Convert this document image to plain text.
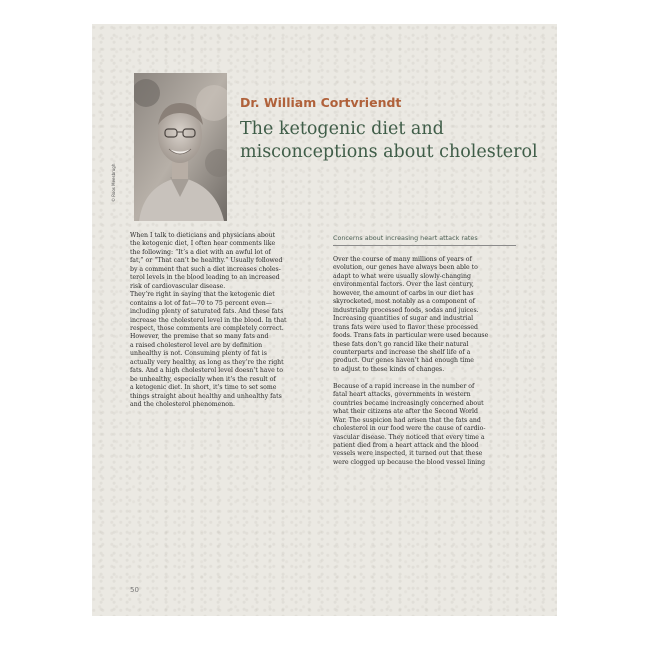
© Roos Meesbrugh
Dr. William Cortvriendt
The ketogenic diet and
misconceptions about cholesterol
When I talk to dieticians and physicians about
the ketogenic diet, I often hear comments like
the following: “It’s a diet with an awful lot of
fat,” or “That can’t be healthy.” Usually followed
by a comment that such a diet increases choles-
terol levels in the blood leading to an increased
risk of cardiovascular disease.
They’re right in saying that the ketogenic diet
contains a lot of fat—70 to 75 percent even—
including plenty of saturated fats. And these fats
increase the cholesterol level in the blood. In that
respect, those comments are completely correct.
However, the premise that so many fats and
a raised cholesterol level are by definition
unhealthy is not. Consuming plenty of fat is
actually very healthy, as long as they’re the right
fats. And a high cholesterol level doesn’t have to
be unhealthy, especially when it’s the result of
a ketogenic diet. In short, it’s time to set some
things straight about healthy and unhealthy fats
and the cholesterol phenomenon.
Concerns about increasing heart attack rates
Over the course of many millions of years of
evolution, our genes have always been able to
adapt to what were usually slowly-changing
environmental factors. Over the last century,
however, the amount of carbs in our diet has
skyrocketed, most notably as a component of
industrially processed foods, sodas and juices.
Increasing quantities of sugar and industrial
trans fats were used to flavor these processed
foods. Trans fats in particular were used because
these fats don’t go rancid like their natural
counterparts and increase the shelf life of a
product. Our genes haven’t had enough time
to adjust to these kinds of changes.
Because of a rapid increase in the number of
fatal heart attacks, governments in western
countries became increasingly concerned about
what their citizens ate after the Second World
War. The suspicion had arisen that the fats and
cholesterol in our food were the cause of cardio-
vascular disease. They noticed that every time a
patient died from a heart attack and the blood
vessels were inspected, it turned out that these
were clogged up because the blood vessel lining
50
